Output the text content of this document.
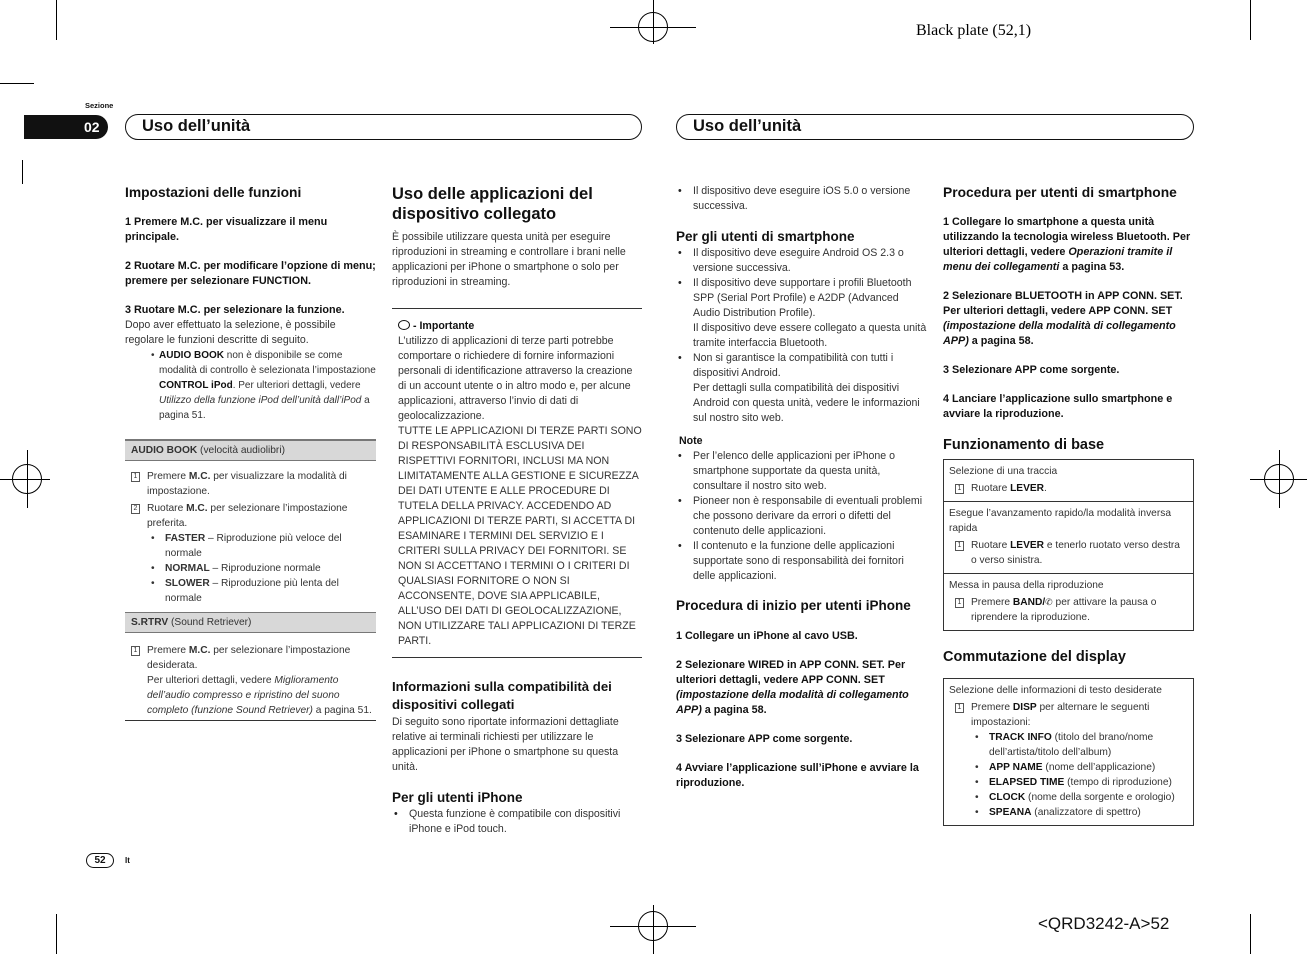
Black plate (52,1)
Sezione
02	Uso dell’unità	Uso dell’unità
Impostazioni delle funzioni
1 Premere M.C. per visualizzare il menu principale.
2 Ruotare M.C. per modificare l’opzione di menu; premere per selezionare FUNCTION.
3 Ruotare M.C. per selezionare la funzione.

Dopo aver effettuato la selezione, è possibile regolare le funzioni descritte di seguito.

• AUDIO BOOK non è disponibile se come modalità di controllo è selezionata l’impostazione CONTROL iPod. Per ulteriori dettagli, vedere Utilizzo della funzione iPod dell’unità dall’iPod a pagina 51.
AUDIO BOOK (velocità audiolibri)
1 Premere M.C. per visualizzare la modalità di impostazione.
2 Ruotare M.C. per selezionare l’impostazione preferita.
• FASTER – Riproduzione più veloce del normale
• NORMAL – Riproduzione normale
• SLOWER – Riproduzione più lenta del normale
S.RTRV (Sound Retriever)
1 Premere M.C. per selezionare l’impostazione desiderata.
Per ulteriori dettagli, vedere Miglioramento dell’audio compresso e ripristino del suono completo (funzione Sound Retriever) a pagina 51.
Uso delle applicazioni del dispositivo collegato

È possibile utilizzare questa unità per eseguire riproduzioni in streaming e controllare i brani nelle applicazioni per iPhone o smartphone o solo per riproduzioni in streaming.

- Importante

L’utilizzo di applicazioni di terze parti potrebbe comportare o richiedere di fornire informazioni personali di identificazione attraverso la creazione di un account utente o in altro modo e, per alcune applicazioni, attraverso l’invio di dati di geolocalizzazione.

TUTTE LE APPLICAZIONI DI TERZE PARTI SONO DI RESPONSABILITÀ ESCLUSIVA DEI RISPETTIVI FORNITORI, INCLUSI MA NON LIMITATAMENTE ALLA GESTIONE E SICUREZZA DEI DATI UTENTE E ALLE PROCEDURE DI TUTELA DELLA PRIVACY. ACCEDENDO AD APPLICAZIONI DI TERZE PARTI, SI ACCETTA DI ESAMINARE I TERMINI DEL SERVIZIO E I CRITERI SULLA PRIVACY DEI FORNITORI. SE NON SI ACCETTANO I TERMINI O I CRITERI DI QUALSIASI FORNITORE O NON SI ACCONSENTE, DOVE SIA APPLICABILE, ALL’USO DEI DATI DI GEOLOCALIZZAZIONE, NON UTILIZZARE TALI APPLICAZIONI DI TERZE PARTI.

Informazioni sulla compatibilità dei dispositivi collegati

Di seguito sono riportate informazioni dettagliate relative ai terminali richiesti per utilizzare le applicazioni per iPhone o smartphone su questa unità.

Per gli utenti iPhone
• Questa funzione è compatibile con dispositivi iPhone e iPod touch.
• Il dispositivo deve eseguire iOS 5.0 o versione successiva.
Per gli utenti di smartphone
• Il dispositivo deve eseguire Android OS 2.3 o versione successiva.
• Il dispositivo deve supportare i profili Bluetooth SPP (Serial Port Profile) e A2DP (Advanced Audio Distribution Profile).
Il dispositivo deve essere collegato a questa unità tramite interfaccia Bluetooth.
• Non si garantisce la compatibilità con tutti i dispositivi Android.
Per dettagli sulla compatibilità dei dispositivi Android con questa unità, vedere le informazioni sul nostro sito web.
Note
• Per l’elenco delle applicazioni per iPhone o smartphone supportate da questa unità, consultare il nostro sito web.
• Pioneer non è responsabile di eventuali problemi che possono derivare da errori o difetti del contenuto delle applicazioni.
• Il contenuto e la funzione delle applicazioni supportate sono di responsabilità dei fornitori delle applicazioni.
Procedura di inizio per utenti iPhone
1 Collegare un iPhone al cavo USB.
2 Selezionare WIRED in APP CONN. SET. Per ulteriori dettagli, vedere APP CONN. SET (impostazione della modalità di collegamento APP) a pagina 58.
3 Selezionare APP come sorgente.
4 Avviare l’applicazione sull’iPhone e avviare la riproduzione.
Procedura per utenti di smartphone
1 Collegare lo smartphone a questa unità utilizzando la tecnologia wireless Bluetooth. Per ulteriori dettagli, vedere Operazioni tramite il menu dei collegamenti a pagina 53.
2 Selezionare BLUETOOTH in APP CONN. SET. Per ulteriori dettagli, vedere APP CONN. SET (impostazione della modalità di collegamento APP) a pagina 58.
3 Selezionare APP come sorgente.
4 Lanciare l’applicazione sullo smartphone e avviare la riproduzione.
Funzionamento di base
Selezione di una traccia
1 Ruotare LEVER.
Esegue l’avanzamento rapido/la modalità inversa rapida
1 Ruotare LEVER e tenerlo ruotato verso destra o verso sinistra.
Messa in pausa della riproduzione
1 Premere BAND/✆ per attivare la pausa o riprendere la riproduzione.
Commutazione del display
Selezione delle informazioni di testo desiderate
1 Premere DISP per alternare le seguenti impostazioni:
• TRACK INFO (titolo del brano/nome dell’artista/titolo dell’album)
• APP NAME (nome dell’applicazione)
• ELAPSED TIME (tempo di riproduzione)
• CLOCK (nome della sorgente e orologio)
• SPEANA (analizzatore di spettro)
52	It
<QRD3242-A>52
